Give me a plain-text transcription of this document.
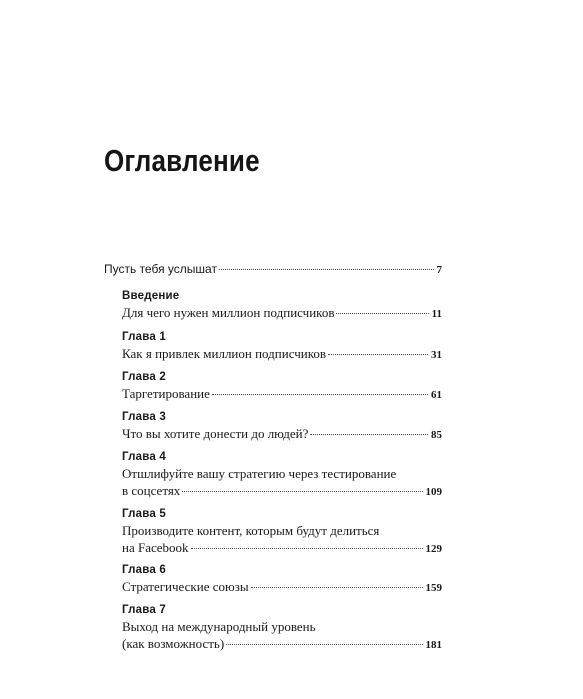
Оглавление
Пусть тебя услышат	7
Введение
Для чего нужен миллион подписчиков	11
Глава 1
Как я привлек миллион подписчиков	31
Глава 2
Таргетирование	61
Глава 3
Что вы хотите донести до людей?	85
Глава 4
Отшлифуйте вашу стратегию через тестирование
в соцсетях	109
Глава 5
Производите контент, которым будут делиться
на Facebook	129
Глава 6
Стратегические союзы	159
Глава 7
Выход на международный уровень
(как возможность)	181
